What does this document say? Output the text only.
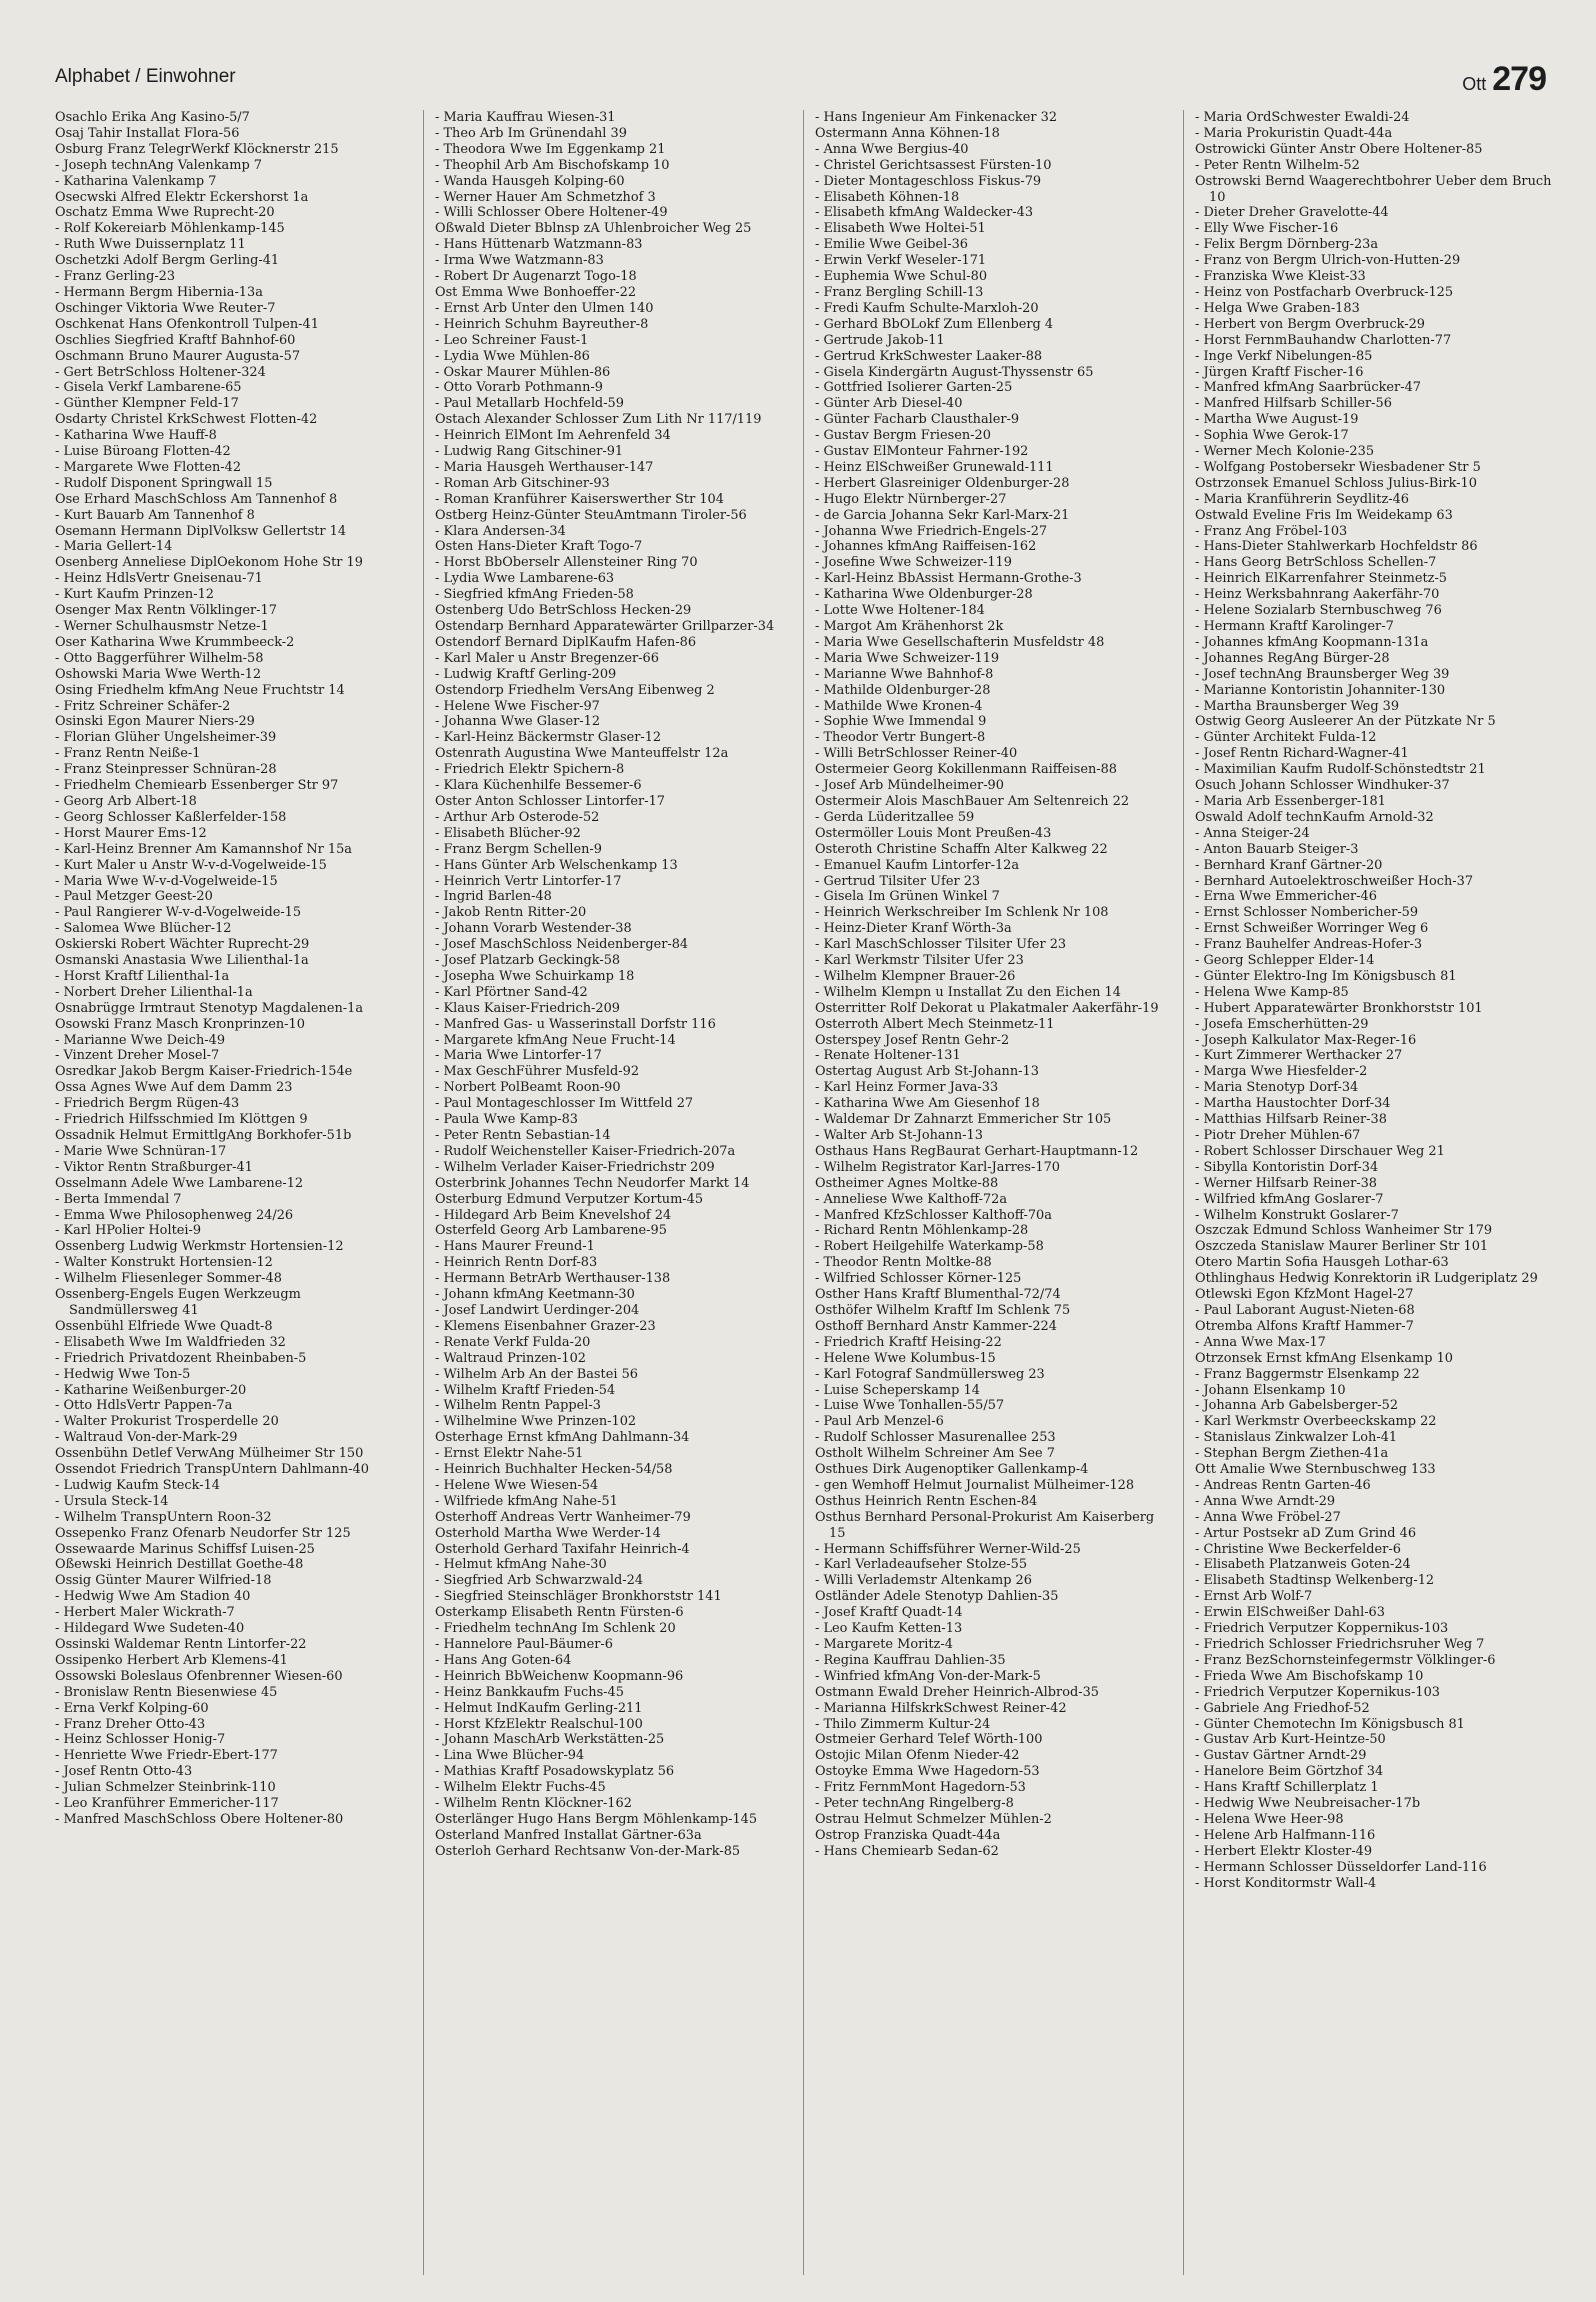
Alphabet / Einwohner	Ott 279
Osachlo Erika Ang Kasino-5/7
Osaj Tahir Installat Flora-56
Osburg Franz TelegrWerkf Klöcknerstr 215
- Joseph technAng Valenkamp 7
- Katharina Valenkamp 7
Osecwski Alfred Elektr Eckershorst 1a
Oschatz Emma Wwe Ruprecht-20
- Rolf Kokereiarb Möhlenkamp-145
- Ruth Wwe Duissernplatz 11
Oschetzki Adolf Bergm Gerling-41
- Franz Gerling-23
- Hermann Bergm Hibernia-13a
Oschinger Viktoria Wwe Reuter-7
Oschkenat Hans Ofenkontroll Tulpen-41
Oschlies Siegfried Kraftf Bahnhof-60
Oschmann Bruno Maurer Augusta-57
- Gert BetrSchloss Holtener-324
- Gisela Verkf Lambarene-65
- Günther Klempner Feld-17
Osdarty Christel KrkSchwest Flotten-42
- Katharina Wwe Hauff-8
- Luise Büroang Flotten-42
- Margarete Wwe Flotten-42
- Rudolf Disponent Springwall 15
Ose Erhard MaschSchloss Am Tannenhof 8
- Kurt Bauarb Am Tannenhof 8
Osemann Hermann DiplVolksw Gellertstr 14
- Maria Gellert-14
Osenberg Anneliese DiplOekonom Hohe Str 19
- Heinz HdlsVertr Gneisenau-71
- Kurt Kaufm Prinzen-12
Osenger Max Rentn Völklinger-17
- Werner Schulhausmstr Netze-1
Oser Katharina Wwe Krummbeeck-2
- Otto Baggerführer Wilhelm-58
Oshowski Maria Wwe Werth-12
Osing Friedhelm kfmAng Neue Fruchtstr 14
- Fritz Schreiner Schäfer-2
Osinski Egon Maurer Niers-29
- Florian Glüher Ungelsheimer-39
- Franz Rentn Neiße-1
- Franz Steinpresser Schnüran-28
- Friedhelm Chemiearb Essenberger Str 97
- Georg Arb Albert-18
- Georg Schlosser Kaßlerfelder-158
- Horst Maurer Ems-12
- Karl-Heinz Brenner Am Kamannshof Nr 15a
- Kurt Maler u Anstr W-v-d-Vogelweide-15
- Maria Wwe W-v-d-Vogelweide-15
- Paul Metzger Geest-20
- Paul Rangierer W-v-d-Vogelweide-15
- Salomea Wwe Blücher-12
Oskierski Robert Wächter Ruprecht-29
Osmanski Anastasia Wwe Lilienthal-1a
- Horst Kraftf Lilienthal-1a
- Norbert Dreher Lilienthal-1a
Osnabrügge Irmtraut Stenotyp Magdalenen-1a
Osowski Franz Masch Kronprinzen-10
- Marianne Wwe Deich-49
- Vinzent Dreher Mosel-7
Osredkar Jakob Bergm Kaiser-Friedrich-154e
Ossa Agnes Wwe Auf dem Damm 23
- Friedrich Bergm Rügen-43
- Friedrich Hilfsschmied Im Klöttgen 9
Ossadnik Helmut ErmittlgAng Borkhofer-51b
- Marie Wwe Schnüran-17
- Viktor Rentn Straßburger-41
Osselmann Adele Wwe Lambarene-12
- Berta Immendal 7
- Emma Wwe Philosophenweg 24/26
- Karl HPolier Holtei-9
Ossenberg Ludwig Werkmstr Hortensien-12
- Walter Konstrukt Hortensien-12
- Wilhelm Fliesenleger Sommer-48
Ossenberg-Engels Eugen Werkzeugm Sandmüllersweg 41
Ossenbühl Elfriede Wwe Quadt-8
- Elisabeth Wwe Im Waldfrieden 32
- Friedrich Privatdozent Rheinbaben-5
- Hedwig Wwe Ton-5
- Katharine Weißenburger-20
- Otto HdlsVertr Pappen-7a
- Walter Prokurist Trosperdelle 20
- Waltraud Von-der-Mark-29
Ossenbühn Detlef VerwAng Mülheimer Str 150
Ossendot Friedrich TranspUntern Dahlmann-40
- Ludwig Kaufm Steck-14
- Ursula Steck-14
- Wilhelm TranspUntern Roon-32
Ossepenko Franz Ofenarb Neudorfer Str 125
Ossewaarde Marinus Schiffsf Luisen-25
Oßewski Heinrich Destillat Goethe-48
Ossig Günter Maurer Wilfried-18
- Hedwig Wwe Am Stadion 40
- Herbert Maler Wickrath-7
- Hildegard Wwe Sudeten-40
Ossinski Waldemar Rentn Lintorfer-22
Ossipenko Herbert Arb Klemens-41
Ossowski Boleslaus Ofenbrenner Wiesen-60
- Bronislaw Rentn Biesenwiese 45
- Erna Verkf Kolping-60
- Franz Dreher Otto-43
- Heinz Schlosser Honig-7
- Henriette Wwe Friedr-Ebert-177
- Josef Rentn Otto-43
- Julian Schmelzer Steinbrink-110
- Leo Kranführer Emmericher-117
- Manfred MaschSchloss Obere Holtener-80
- Maria Kauffrau Wiesen-31
- Theo Arb Im Grünendahl 39
- Theodora Wwe Im Eggenkamp 21
- Theophil Arb Am Bischofskamp 10
- Wanda Hausgeh Kolping-60
- Werner Hauer Am Schmetzhof 3
- Willi Schlosser Obere Holtener-49
Oßwald Dieter Bblnsp zA Uhlenbroicher Weg 25
- Hans Hüttenarb Watzmann-83
- Irma Wwe Watzmann-83
- Robert Dr Augenarzt Togo-18
Ost Emma Wwe Bonhoeffer-22
- Ernst Arb Unter den Ulmen 140
- Heinrich Schuhm Bayreuther-8
- Leo Schreiner Faust-1
- Lydia Wwe Mühlen-86
- Oskar Maurer Mühlen-86
- Otto Vorarb Pothmann-9
- Paul Metallarb Hochfeld-59
Ostach Alexander Schlosser Zum Lith Nr 117/119
- Heinrich ElMont Im Aehrenfeld 34
- Ludwig Rang Gitschiner-91
- Maria Hausgeh Werthauser-147
- Roman Arb Gitschiner-93
- Roman Kranführer Kaiserswerther Str 104
Ostberg Heinz-Günter SteuAmtmann Tiroler-56
- Klara Andersen-34
Osten Hans-Dieter Kraft Togo-7
- Horst BbOberselr Allensteiner Ring 70
- Lydia Wwe Lambarene-63
- Siegfried kfmAng Frieden-58
Ostenberg Udo BetrSchloss Hecken-29
Ostendarp Bernhard Apparatewärter Grillparzer-34
Ostendorf Bernard DiplKaufm Hafen-86
- Karl Maler u Anstr Bregenzer-66
- Ludwig Kraftf Gerling-209
Ostendorp Friedhelm VersAng Eibenweg 2
- Helene Wwe Fischer-97
- Johanna Wwe Glaser-12
- Karl-Heinz Bäckermstr Glaser-12
Ostenrath Augustina Wwe Manteuffelstr 12a
- Friedrich Elektr Spichern-8
- Klara Küchenhilfe Bessemer-6
Oster Anton Schlosser Lintorfer-17
- Arthur Arb Osterode-52
- Elisabeth Blücher-92
- Franz Bergm Schellen-9
- Hans Günter Arb Welschenkamp 13
- Heinrich Vertr Lintorfer-17
- Ingrid Barlen-48
- Jakob Rentn Ritter-20
- Johann Vorarb Westender-38
- Josef MaschSchloss Neidenberger-84
- Josef Platzarb Geckingk-58
- Josepha Wwe Schuirkamp 18
- Karl Pförtner Sand-42
- Klaus Kaiser-Friedrich-209
- Manfred Gas- u Wasserinstall Dorfstr 116
- Margarete kfmAng Neue Frucht-14
- Maria Wwe Lintorfer-17
- Max GeschFührer Musfeld-92
- Norbert PolBeamt Roon-90
- Paul Montageschlosser Im Wittfeld 27
- Paula Wwe Kamp-83
- Peter Rentn Sebastian-14
- Rudolf Weichensteller Kaiser-Friedrich-207a
- Wilhelm Verlader Kaiser-Friedrichstr 209
Osterbrink Johannes Techn Neudorfer Markt 14
Osterburg Edmund Verputzer Kortum-45
- Hildegard Arb Beim Knevelshof 24
Osterfeld Georg Arb Lambarene-95
- Hans Maurer Freund-1
- Heinrich Rentn Dorf-83
- Hermann BetrArb Werthauser-138
- Johann kfmAng Keetmann-30
- Josef Landwirt Uerdinger-204
- Klemens Eisenbahner Grazer-23
- Renate Verkf Fulda-20
- Waltraud Prinzen-102
- Wilhelm Arb An der Bastei 56
- Wilhelm Kraftf Frieden-54
- Wilhelm Rentn Pappel-3
- Wilhelmine Wwe Prinzen-102
Osterhage Ernst kfmAng Dahlmann-34
- Ernst Elektr Nahe-51
- Heinrich Buchhalter Hecken-54/58
- Helene Wwe Wiesen-54
- Wilfriede kfmAng Nahe-51
Osterhoff Andreas Vertr Wanheimer-79
Osterhold Martha Wwe Werder-14
Osterhold Gerhard Taxifahr Heinrich-4
- Helmut kfmAng Nahe-30
- Siegfried Arb Schwarzwald-24
- Siegfried Steinschläger Bronkhorststr 141
Osterkamp Elisabeth Rentn Fürsten-6
- Friedhelm technAng Im Schlenk 20
- Hannelore Paul-Bäumer-6
- Hans Ang Goten-64
- Heinrich BbWeichenw Koopmann-96
- Heinz Bankkaufm Fuchs-45
- Helmut IndKaufm Gerling-211
- Horst KfzElektr Realschul-100
- Johann MaschArb Werkstätten-25
- Lina Wwe Blücher-94
- Mathias Kraftf Posadowskyplatz 56
- Wilhelm Elektr Fuchs-45
- Wilhelm Rentn Klöckner-162
Osterlänger Hugo Hans Bergm Möhlenkamp-145
Osterland Manfred Installat Gärtner-63a
Osterloh Gerhard Rechtsanw Von-der-Mark-85
- Hans Ingenieur Am Finkenacker 32
Ostermann Anna Köhnen-18
- Anna Wwe Bergius-40
- Christel Gerichtsassest Fürsten-10
- Dieter Montageschloss Fiskus-79
- Elisabeth Köhnen-18
- Elisabeth kfmAng Waldecker-43
- Elisabeth Wwe Holtei-51
- Emilie Wwe Geibel-36
- Erwin Verkf Weseler-171
- Euphemia Wwe Schul-80
- Franz Bergling Schill-13
- Fredi Kaufm Schulte-Marxloh-20
- Gerhard BbOLokf Zum Ellenberg 4
- Gertrude Jakob-11
- Gertrud KrkSchwester Laaker-88
- Gisela Kindergärtn August-Thyssenstr 65
- Gottfried Isolierer Garten-25
- Günter Arb Diesel-40
- Günter Facharb Clausthaler-9
- Gustav Bergm Friesen-20
- Gustav ElMonteur Fahrner-192
- Heinz ElSchweißer Grunewald-111
- Herbert Glasreiniger Oldenburger-28
- Hugo Elektr Nürnberger-27
- de Garcia Johanna Sekr Karl-Marx-21
- Johanna Wwe Friedrich-Engels-27
- Johannes kfmAng Raiffeisen-162
- Josefine Wwe Schweizer-119
- Karl-Heinz BbAssist Hermann-Grothe-3
- Katharina Wwe Oldenburger-28
- Lotte Wwe Holtener-184
- Margot Am Krähenhorst 2k
- Maria Wwe Gesellschafterin Musfeldstr 48
- Maria Wwe Schweizer-119
- Marianne Wwe Bahnhof-8
- Mathilde Oldenburger-28
- Mathilde Wwe Kronen-4
- Sophie Wwe Immendal 9
- Theodor Vertr Bungert-8
- Willi BetrSchlosser Reiner-40
Ostermeier Georg Kokillenmann Raiffeisen-88
- Josef Arb Mündelheimer-90
Ostermeir Alois MaschBauer Am Seltenreich 22
- Gerda Lüderitzallee 59
Ostermöller Louis Mont Preußen-43
Osteroth Christine Schaffn Alter Kalkweg 22
- Emanuel Kaufm Lintorfer-12a
- Gertrud Tilsiter Ufer 23
- Gisela Im Grünen Winkel 7
- Heinrich Werkschreiber Im Schlenk Nr 108
- Heinz-Dieter Kranf Wörth-3a
- Karl MaschSchlosser Tilsiter Ufer 23
- Karl Werkmstr Tilsiter Ufer 23
- Wilhelm Klempner Brauer-26
- Wilhelm Klempn u Installat Zu den Eichen 14
Osterritter Rolf Dekorat u Plakatmaler Aakerfähr-19
Osterroth Albert Mech Steinmetz-11
Osterspey Josef Rentn Gehr-2
- Renate Holtener-131
Ostertag August Arb St-Johann-13
- Karl Heinz Former Java-33
- Katharina Wwe Am Giesenhof 18
- Waldemar Dr Zahnarzt Emmericher Str 105
- Walter Arb St-Johann-13
Osthaus Hans RegBaurat Gerhart-Hauptmann-12
- Wilhelm Registrator Karl-Jarres-170
Ostheimer Agnes Moltke-88
- Anneliese Wwe Kalthoff-72a
- Manfred KfzSchlosser Kalthoff-70a
- Richard Rentn Möhlenkamp-28
- Robert Heilgehilfe Waterkamp-58
- Theodor Rentn Moltke-88
- Wilfried Schlosser Körner-125
Osther Hans Kraftf Blumenthal-72/74
Osthöfer Wilhelm Kraftf Im Schlenk 75
Osthoff Bernhard Anstr Kammer-224
- Friedrich Kraftf Heising-22
- Helene Wwe Kolumbus-15
- Karl Fotograf Sandmüllersweg 23
- Luise Scheperskamp 14
- Luise Wwe Tonhallen-55/57
- Paul Arb Menzel-6
- Rudolf Schlosser Masurenallee 253
Ostholt Wilhelm Schreiner Am See 7
Osthues Dirk Augenoptiker Gallenkamp-4
- gen Wemhoff Helmut Journalist Mülheimer-128
Osthus Heinrich Rentn Eschen-84
Osthus Bernhard Personal-Prokurist Am Kaiserberg 15
- Hermann Schiffsführer Werner-Wild-25
- Karl Verladeaufseher Stolze-55
- Willi Verlademstr Altenkamp 26
Ostländer Adele Stenotyp Dahlien-35
- Josef Kraftf Quadt-14
- Leo Kaufm Ketten-13
- Margarete Moritz-4
- Regina Kauffrau Dahlien-35
- Winfried kfmAng Von-der-Mark-5
Ostmann Ewald Dreher Heinrich-Albrod-35
- Marianna HilfskrkSchwest Reiner-42
- Thilo Zimmerm Kultur-24
Ostmeier Gerhard Telef Wörth-100
Ostojic Milan Ofenm Nieder-42
Ostoyke Emma Wwe Hagedorn-53
- Fritz FernmMont Hagedorn-53
- Peter technAng Ringelberg-8
Ostrau Helmut Schmelzer Mühlen-2
Ostrop Franziska Quadt-44a
- Hans Chemiearb Sedan-62
- Maria OrdSchwester Ewaldi-24
- Maria Prokuristin Quadt-44a
Ostrowicki Günter Anstr Obere Holtener-85
- Peter Rentn Wilhelm-52
Ostrowski Bernd Waagerechtbohrer Ueber dem Bruch 10
- Dieter Dreher Gravelotte-44
- Elly Wwe Fischer-16
- Felix Bergm Dörnberg-23a
- Franz von Bergm Ulrich-von-Hutten-29
- Franziska Wwe Kleist-33
- Heinz von Postfacharb Overbruck-125
- Helga Wwe Graben-183
- Herbert von Bergm Overbruck-29
- Horst FernmBauhandw Charlotten-77
- Inge Verkf Nibelungen-85
- Jürgen Kraftf Fischer-16
- Manfred kfmAng Saarbrücker-47
- Manfred Hilfsarb Schiller-56
- Martha Wwe August-19
- Sophia Wwe Gerok-17
- Werner Mech Kolonie-235
- Wolfgang Postobersekr Wiesbadener Str 5
Ostrzonsek Emanuel Schloss Julius-Birk-10
- Maria Kranführerin Seydlitz-46
Ostwald Eveline Fris Im Weidekamp 63
- Franz Ang Fröbel-103
- Hans-Dieter Stahlwerkarb Hochfeldstr 86
- Hans Georg BetrSchloss Schellen-7
- Heinrich ElKarrenfahrer Steinmetz-5
- Heinz Werksbahnrang Aakerfähr-70
- Helene Sozialarb Sternbuschweg 76
- Hermann Kraftf Karolinger-7
- Johannes kfmAng Koopmann-131a
- Johannes RegAng Bürger-28
- Josef technAng Braunsberger Weg 39
- Marianne Kontoristin Johanniter-130
- Martha Braunsberger Weg 39
Ostwig Georg Ausleerer An der Pützkate Nr 5
- Günter Architekt Fulda-12
- Josef Rentn Richard-Wagner-41
- Maximilian Kaufm Rudolf-Schönstedtstr 21
Osuch Johann Schlosser Windhuker-37
- Maria Arb Essenberger-181
Oswald Adolf technKaufm Arnold-32
- Anna Steiger-24
- Anton Bauarb Steiger-3
- Bernhard Kranf Gärtner-20
- Bernhard Autoelektroschweißer Hoch-37
- Erna Wwe Emmericher-46
- Ernst Schlosser Nombericher-59
- Ernst Schweißer Worringer Weg 6
- Franz Bauhelfer Andreas-Hofer-3
- Georg Schlepper Elder-14
- Günter Elektro-Ing Im Königsbusch 81
- Helena Wwe Kamp-85
- Hubert Apparatewärter Bronkhorststr 101
- Josefa Emscherhütten-29
- Joseph Kalkulator Max-Reger-16
- Kurt Zimmerer Werthacker 27
- Marga Wwe Hiesfelder-2
- Maria Stenotyp Dorf-34
- Martha Haustochter Dorf-34
- Matthias Hilfsarb Reiner-38
- Piotr Dreher Mühlen-67
- Robert Schlosser Dirschauer Weg 21
- Sibylla Kontoristin Dorf-34
- Werner Hilfsarb Reiner-38
- Wilfried kfmAng Goslarer-7
- Wilhelm Konstrukt Goslarer-7
Oszczak Edmund Schloss Wanheimer Str 179
Oszczeda Stanislaw Maurer Berliner Str 101
Otero Martin Sofia Hausgeh Lothar-63
Othlinghaus Hedwig Konrektorin iR Ludgeriplatz 29
Otlewski Egon KfzMont Hagel-27
- Paul Laborant August-Nieten-68
Otremba Alfons Kraftf Hammer-7
- Anna Wwe Max-17
Otrzonsek Ernst kfmAng Elsenkamp 10
- Franz Baggermstr Elsenkamp 22
- Johann Elsenkamp 10
- Johanna Arb Gabelsberger-52
- Karl Werkmstr Overbeeckskamp 22
- Stanislaus Zinkwalzer Loh-41
- Stephan Bergm Ziethen-41a
Ott Amalie Wwe Sternbuschweg 133
- Andreas Rentn Garten-46
- Anna Wwe Arndt-29
- Anna Wwe Fröbel-27
- Artur Postsekr aD Zum Grind 46
- Christine Wwe Beckerfelder-6
- Elisabeth Platzanweis Goten-24
- Elisabeth Stadtinsp Welkenberg-12
- Ernst Arb Wolf-7
- Erwin ElSchweißer Dahl-63
- Friedrich Verputzer Koppernikus-103
- Friedrich Schlosser Friedrichsruher Weg 7
- Franz BezSchornsteinfegermstr Völklinger-6
- Frieda Wwe Am Bischofskamp 10
- Friedrich Verputzer Kopernikus-103
- Gabriele Ang Friedhof-52
- Günter Chemotechn Im Königsbusch 81
- Gustav Arb Kurt-Heintze-50
- Gustav Gärtner Arndt-29
- Hanelore Beim Görtzhof 34
- Hans Kraftf Schillerplatz 1
- Hedwig Wwe Neubreisacher-17b
- Helena Wwe Heer-98
- Helene Arb Halfmann-116
- Herbert Elektr Kloster-49
- Hermann Schlosser Düsseldorfer Land-116
- Horst Konditormstr Wall-4
